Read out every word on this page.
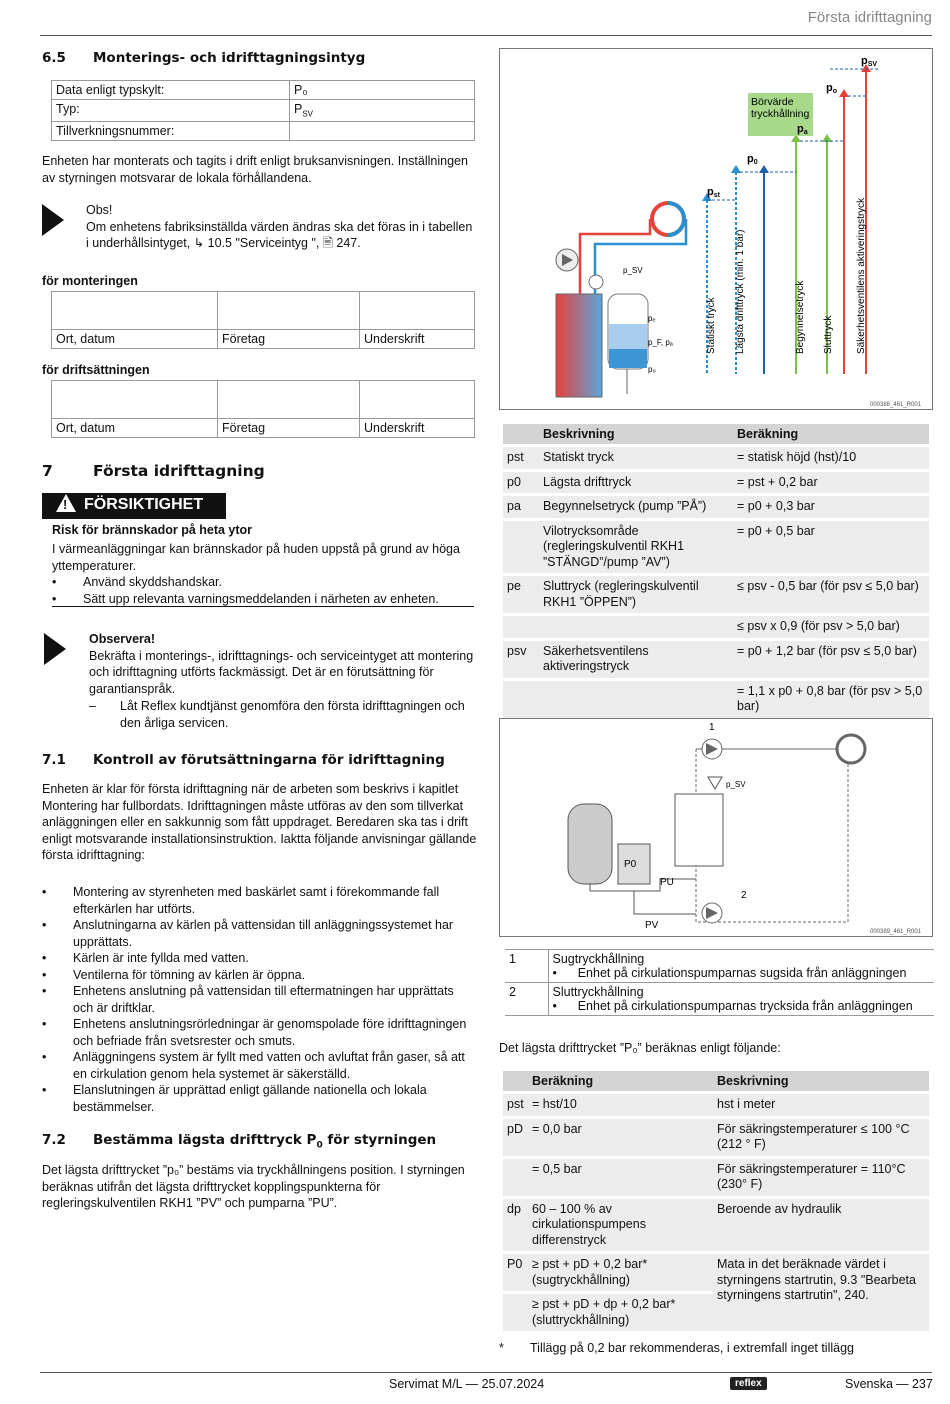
Första idrifttagning
6.5 Monterings- och idrifttagningsintyg
Data enligt typskylt:	P₀
Typ:	$P_{SV}$
Tillverkningsnummer:	

Enheten har monterats och tagits i drift enligt bruksanvisningen. Inställningen av styrningen motsvarar de lokala förhållandena.

Obs!
Om enhetens fabriksinställda värden ändras ska det föras in i tabellen i underhållsintyget, ↳ 10.5 "Serviceintyg ", 🖹 247.

för monteringen

Ort, datum	Företag	Underskrift
för driftsättningen

Ort, datum	Företag	Underskrift
7	Första idrifttagning
!
FÖRSIKTIGHET
Risk för brännskador på heta ytor

I värmeanläggningar kan brännskador på huden uppstå på grund av höga yttemperaturer.

• Använd skyddshandskar.
• Sätt upp relevanta varningsmeddelanden i närheten av enheten.

Observera!
Bekräfta i monterings-, idrifttagnings- och serviceintyget att montering och idrifttagning utförts fackmässigt. Det är en förutsättning för garantianspråk.

– Låt Reflex kundtjänst genomföra den första idrifttagningen och den årliga servicen.
7.1 Kontroll av förutsättningarna för idrifttagning

Enheten är klar för första idrifttagning när de arbeten som beskrivs i kapitlet Montering har fullbordats. Idrifttagningen måste utföras av den som tillverkat anläggningen eller en sakkunnig som fått uppdraget. Beredaren ska tas i drift enligt motsvarande installationsinstruktion. Iaktta följande anvisningar gällande första idrifttagning:

• Montering av styrenheten med baskärlet samt i förekommande fall efterkärlen har utförts.
• Anslutningarna av kärlen på vattensidan till anläggningssystemet har upprättats.
• Kärlen är inte fyllda med vatten.
• Ventilerna för tömning av kärlen är öppna.
• Enhetens anslutning på vattensidan till eftermatningen har upprättats och är driftklar.
• Enhetens anslutningsrörledningar är genomspolade före idrifttagningen och befriade från svetsrester och smuts.
• Anläggningens system är fyllt med vatten och avluftat från gaser, så att en cirkulation genom hela systemet är säkerställd.
• Elanslutningen är upprättad enligt gällande nationella och lokala bestämmelser.
7.2 Bestämma lägsta drifttryck $P_0$ för styrningen

Det lägsta drifttrycket ”p₀” bestäms via tryckhållningens position. I styrningen beräknas utifrån det lägsta drifttrycket kopplingspunkterna för regleringskulventilen RKH1 ”PV” och pumparna ”PU”.

pₑ
p_F, pₐ
p₀
p_SV
Börvärde
tryckhållning
pa
p0
pst
po
pSV
Statiskt tryck Lägsta drifttryck (min. 1 bar)	Begynnelsetryck Sluttryck Säkerhetsventilens aktiveringstryck
000388_461_R001
	Beskrivning	Beräkning
pst	Statiskt tryck	= statisk höjd (hst)/10
p0	Lägsta drifttryck	= pst + 0,2 bar
pa	Begynnelsetryck (pump ”PÅ”)	= p0 + 0,3 bar
	Vilotrycksområde (regleringskulventil RKH1 ”STÄNGD”/pump ”AV”)	= p0 + 0,5 bar
pe	Sluttryck (regleringskulventil RKH1 ”ÖPPEN”)	≤ psv - 0,5 bar (för psv ≤ 5,0 bar)
		≤ psv x 0,9 (för psv > 5,0 bar)
psv	Säkerhetsventilens aktiveringstryck	= p0 + 1,2 bar (för psv ≤ 5,0 bar)
		= 1,1 x p0 + 0,8 bar (för psv > 5,0 bar)
1
2
p_SV
P0
PU
PV
000389_461_R001
1	Sugtryckhållning
•      Enhet på cirkulationspumparnas sugsida från anläggningen
2	Sluttryckhållning
•      Enhet på cirkulationspumparnas trycksida från anläggningen

Det lägsta drifttrycket ”P₀” beräknas enligt följande:

	Beräkning	Beskrivning
pst	= hst/10	hst i meter
pD	= 0,0 bar	För säkringstemperaturer ≤ 100 °C (212 ° F)
	= 0,5 bar	För säkringstemperaturer = 110°C (230° F)
dp	60 – 100 % av cirkulationspumpens differenstryck	Beroende av hydraulik
P0	≥ pst + pD + 0,2 bar* (sugtryckhållning)	Mata in det beräknade värdet i styrningens startrutin, 9.3 "Bearbeta styrningens startrutin", 240.
	≥ pst + pD + dp + 0,2 bar* (sluttryckhållning)	
* Tillägg på 0,2 bar rekommenderas, i extremfall inget tillägg
Servimat M/L — 25.07.2024	reflex	Svenska — 237
